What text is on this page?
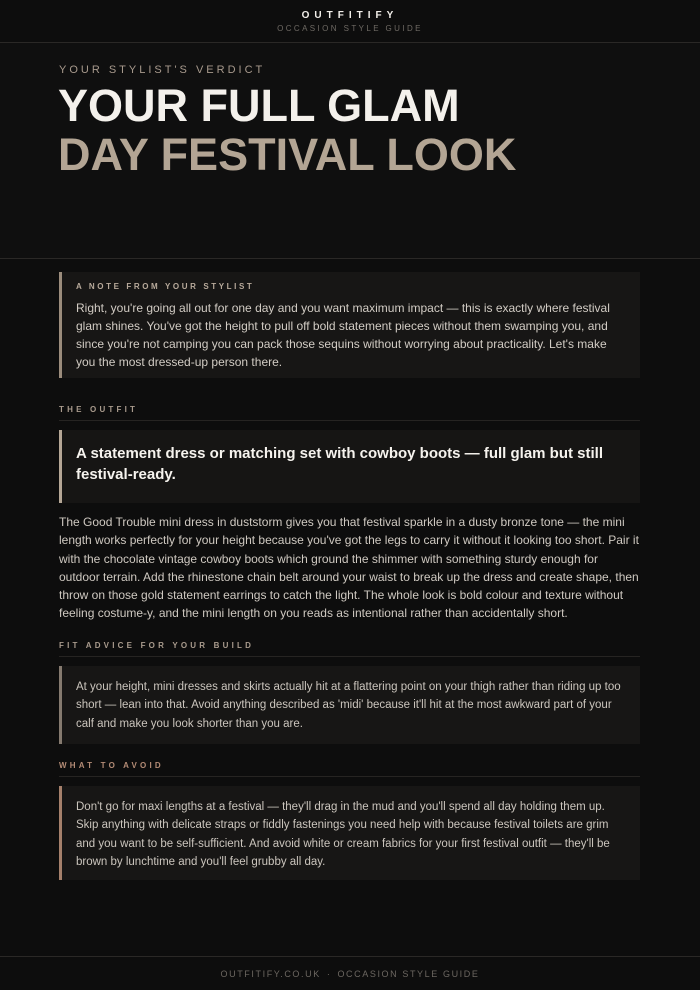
OUTFITIFY
OCCASION STYLE GUIDE
YOUR STYLIST'S VERDICT
YOUR FULL GLAM
DAY FESTIVAL LOOK
A NOTE FROM YOUR STYLIST
Right, you're going all out for one day and you want maximum impact — this is exactly where festival glam shines. You've got the height to pull off bold statement pieces without them swamping you, and since you're not camping you can pack those sequins without worrying about practicality. Let's make you the most dressed-up person there.
THE OUTFIT
A statement dress or matching set with cowboy boots — full glam but still festival-ready.
The Good Trouble mini dress in duststorm gives you that festival sparkle in a dusty bronze tone — the mini length works perfectly for your height because you've got the legs to carry it without it looking too short. Pair it with the chocolate vintage cowboy boots which ground the shimmer with something sturdy enough for outdoor terrain. Add the rhinestone chain belt around your waist to break up the dress and create shape, then throw on those gold statement earrings to catch the light. The whole look is bold colour and texture without feeling costume-y, and the mini length on you reads as intentional rather than accidentally short.
FIT ADVICE FOR YOUR BUILD
At your height, mini dresses and skirts actually hit at a flattering point on your thigh rather than riding up too short — lean into that. Avoid anything described as 'midi' because it'll hit at the most awkward part of your calf and make you look shorter than you are.
WHAT TO AVOID
Don't go for maxi lengths at a festival — they'll drag in the mud and you'll spend all day holding them up. Skip anything with delicate straps or fiddly fastenings you need help with because festival toilets are grim and you want to be self-sufficient. And avoid white or cream fabrics for your first festival outfit — they'll be brown by lunchtime and you'll feel grubby all day.
OUTFITIFY.CO.UK · OCCASION STYLE GUIDE
